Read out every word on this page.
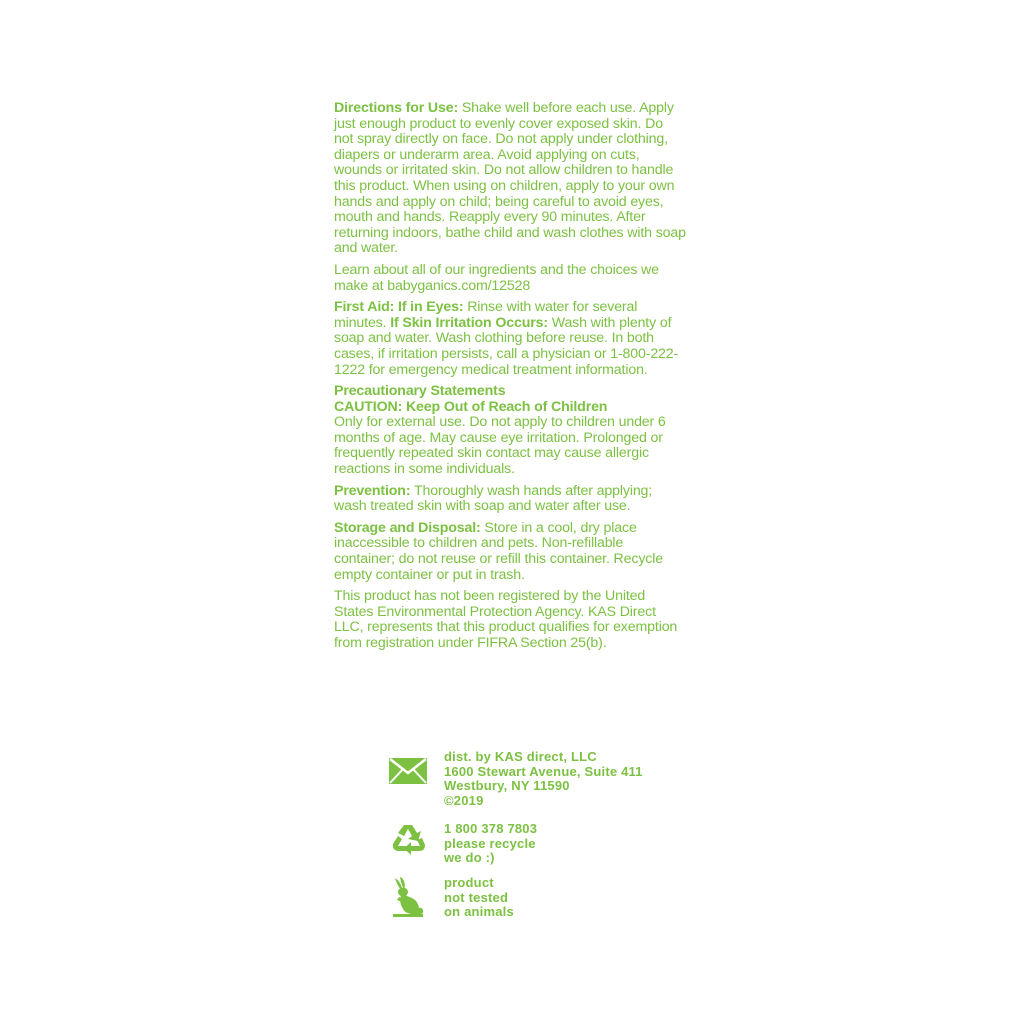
Directions for Use: Shake well before each use. Apply just enough product to evenly cover exposed skin. Do not spray directly on face. Do not apply under clothing, diapers or underarm area. Avoid applying on cuts, wounds or irritated skin. Do not allow children to handle this product. When using on children, apply to your own hands and apply on child; being careful to avoid eyes, mouth and hands. Reapply every 90 minutes. After returning indoors, bathe child and wash clothes with soap and water.

Learn about all of our ingredients and the choices we make at babyganics.com/12528

First Aid: If in Eyes: Rinse with water for several minutes. If Skin Irritation Occurs: Wash with plenty of soap and water. Wash clothing before reuse. In both cases, if irritation persists, call a physician or 1-800-222-1222 for emergency medical treatment information.

Precautionary Statements
CAUTION: Keep Out of Reach of Children
Only for external use. Do not apply to children under 6 months of age. May cause eye irritation. Prolonged or frequently repeated skin contact may cause allergic reactions in some individuals.

Prevention: Thoroughly wash hands after applying; wash treated skin with soap and water after use.

Storage and Disposal: Store in a cool, dry place inaccessible to children and pets. Non-refillable container; do not reuse or refill this container. Recycle empty container or put in trash.

This product has not been registered by the United States Environmental Protection Agency. KAS Direct LLC, represents that this product qualifies for exemption from registration under FIFRA Section 25(b).

dist. by KAS direct, LLC
1600 Stewart Avenue, Suite 411
Westbury, NY 11590
©2019
1 800 378 7803
please recycle
we do :)
product
not tested
on animals
